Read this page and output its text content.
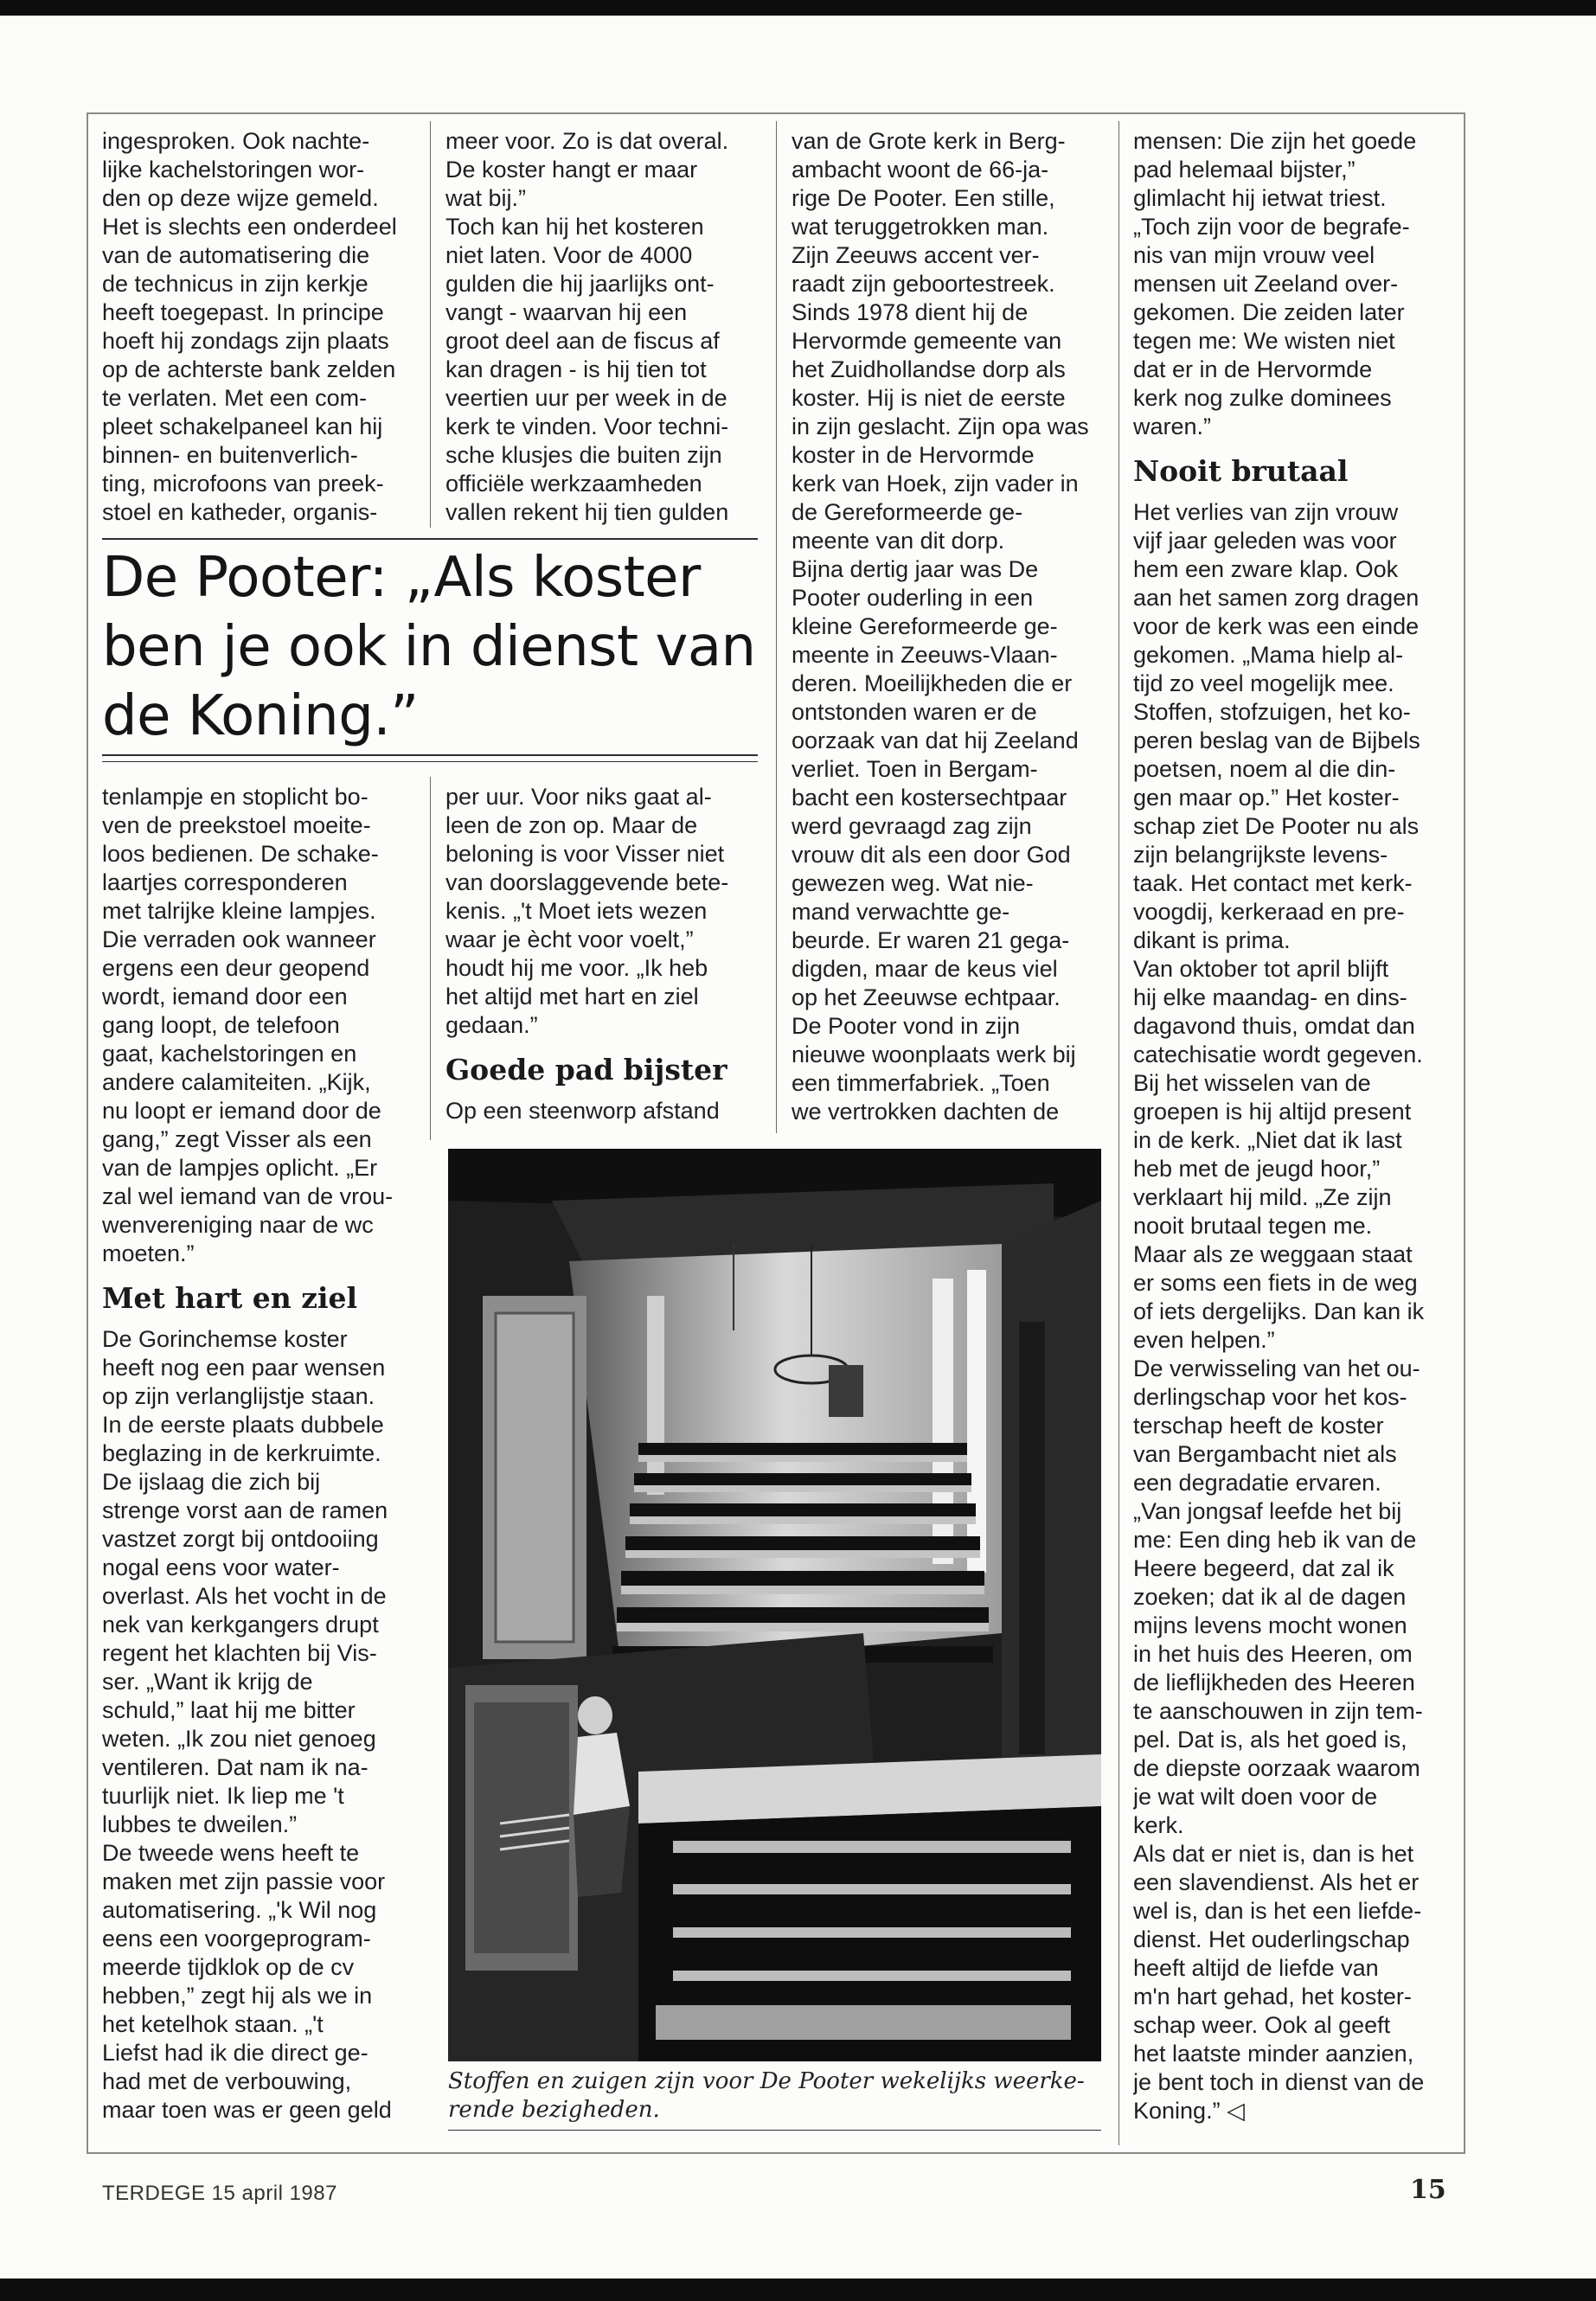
ingesproken. Ook nachte-

lijke kachelstoringen wor-

den op deze wijze gemeld.

Het is slechts een onderdeel

van de automatisering die

de technicus in zijn kerkje

heeft toegepast. In principe

hoeft hij zondags zijn plaats

op de achterste bank zelden

te verlaten. Met een com-

pleet schakelpaneel kan hij

binnen- en buitenverlich-

ting, microfoons van preek-

stoel en katheder, organis-

meer voor. Zo is dat overal.

De koster hangt er maar

wat bij.”

Toch kan hij het kosteren

niet laten. Voor de 4000

gulden die hij jaarlijks ont-

vangt - waarvan hij een

groot deel aan de fiscus af

kan dragen - is hij tien tot

veertien uur per week in de

kerk te vinden. Voor techni-

sche klusjes die buiten zijn

officiële werkzaamheden

vallen rekent hij tien gulden

De Pooter: „Als koster
ben je ook in dienst van
de Koning.”

tenlampje en stoplicht bo-

ven de preekstoel moeite-

loos bedienen. De schake-

laartjes corresponderen

met talrijke kleine lampjes.

Die verraden ook wanneer

ergens een deur geopend

wordt, iemand door een

gang loopt, de telefoon

gaat, kachelstoringen en

andere calamiteiten. „Kijk,

nu loopt er iemand door de

gang,” zegt Visser als een

van de lampjes oplicht. „Er

zal wel iemand van de vrou-

wenvereniging naar de wc

moeten.”

Met hart en ziel

De Gorinchemse koster

heeft nog een paar wensen

op zijn verlanglijstje staan.

In de eerste plaats dubbele

beglazing in de kerkruimte.

De ijslaag die zich bij

strenge vorst aan de ramen

vastzet zorgt bij ontdooiing

nogal eens voor water-

overlast. Als het vocht in de

nek van kerkgangers drupt

regent het klachten bij Vis-

ser. „Want ik krijg de

schuld,” laat hij me bitter

weten. „Ik zou niet genoeg

ventileren. Dat nam ik na-

tuurlijk niet. Ik liep me 't

lubbes te dweilen.”

De tweede wens heeft te

maken met zijn passie voor

automatisering. „'k Wil nog

eens een voorgeprogram-

meerde tijdklok op de cv

hebben,” zegt hij als we in

het ketelhok staan. „'t

Liefst had ik die direct ge-

had met de verbouwing,

maar toen was er geen geld

per uur. Voor niks gaat al-

leen de zon op. Maar de

beloning is voor Visser niet

van doorslaggevende bete-

kenis. „'t Moet iets wezen

waar je ècht voor voelt,”

houdt hij me voor. „Ik heb

het altijd met hart en ziel

gedaan.”

Goede pad bijster

Op een steenworp afstand

van de Grote kerk in Berg-

ambacht woont de 66-ja-

rige De Pooter. Een stille,

wat teruggetrokken man.

Zijn Zeeuws accent ver-

raadt zijn geboortestreek.

Sinds 1978 dient hij de

Hervormde gemeente van

het Zuidhollandse dorp als

koster. Hij is niet de eerste

in zijn geslacht. Zijn opa was

koster in de Hervormde

kerk van Hoek, zijn vader in

de Gereformeerde ge-

meente van dit dorp.

Bijna dertig jaar was De

Pooter ouderling in een

kleine Gereformeerde ge-

meente in Zeeuws-Vlaan-

deren. Moeilijkheden die er

ontstonden waren er de

oorzaak van dat hij Zeeland

verliet. Toen in Bergam-

bacht een kostersechtpaar

werd gevraagd zag zijn

vrouw dit als een door God

gewezen weg. Wat nie-

mand verwachtte ge-

beurde. Er waren 21 gega-

digden, maar de keus viel

op het Zeeuwse echtpaar.

De Pooter vond in zijn

nieuwe woonplaats werk bij

een timmerfabriek. „Toen

we vertrokken dachten de

mensen: Die zijn het goede

pad helemaal bijster,”

glimlacht hij ietwat triest.

„Toch zijn voor de begrafe-

nis van mijn vrouw veel

mensen uit Zeeland over-

gekomen. Die zeiden later

tegen me: We wisten niet

dat er in de Hervormde

kerk nog zulke dominees

waren.”

Nooit brutaal

Het verlies van zijn vrouw

vijf jaar geleden was voor

hem een zware klap. Ook

aan het samen zorg dragen

voor de kerk was een einde

gekomen. „Mama hielp al-

tijd zo veel mogelijk mee.

Stoffen, stofzuigen, het ko-

peren beslag van de Bijbels

poetsen, noem al die din-

gen maar op.” Het koster-

schap ziet De Pooter nu als

zijn belangrijkste levens-

taak. Het contact met kerk-

voogdij, kerkeraad en pre-

dikant is prima.

Van oktober tot april blijft

hij elke maandag- en dins-

dagavond thuis, omdat dan

catechisatie wordt gegeven.

Bij het wisselen van de

groepen is hij altijd present

in de kerk. „Niet dat ik last

heb met de jeugd hoor,”

verklaart hij mild. „Ze zijn

nooit brutaal tegen me.

Maar als ze weggaan staat

er soms een fiets in de weg

of iets dergelijks. Dan kan ik

even helpen.”

De verwisseling van het ou-

derlingschap voor het kos-

terschap heeft de koster

van Bergambacht niet als

een degradatie ervaren.

„Van jongsaf leefde het bij

me: Een ding heb ik van de

Heere begeerd, dat zal ik

zoeken; dat ik al de dagen

mijns levens mocht wonen

in het huis des Heeren, om

de lieflijkheden des Heeren

te aanschouwen in zijn tem-

pel. Dat is, als het goed is,

de diepste oorzaak waarom

je wat wilt doen voor de

kerk.

Als dat er niet is, dan is het

een slavendienst. Als het er

wel is, dan is het een liefde-

dienst. Het ouderlingschap

heeft altijd de liefde van

m'n hart gehad, het koster-

schap weer. Ook al geeft

het laatste minder aanzien,

je bent toch in dienst van de

Koning.” ◁

Stoffen en zuigen zijn voor De Pooter wekelijks weerke-
rende bezigheden.
TERDEGE 15 april 1987	15
